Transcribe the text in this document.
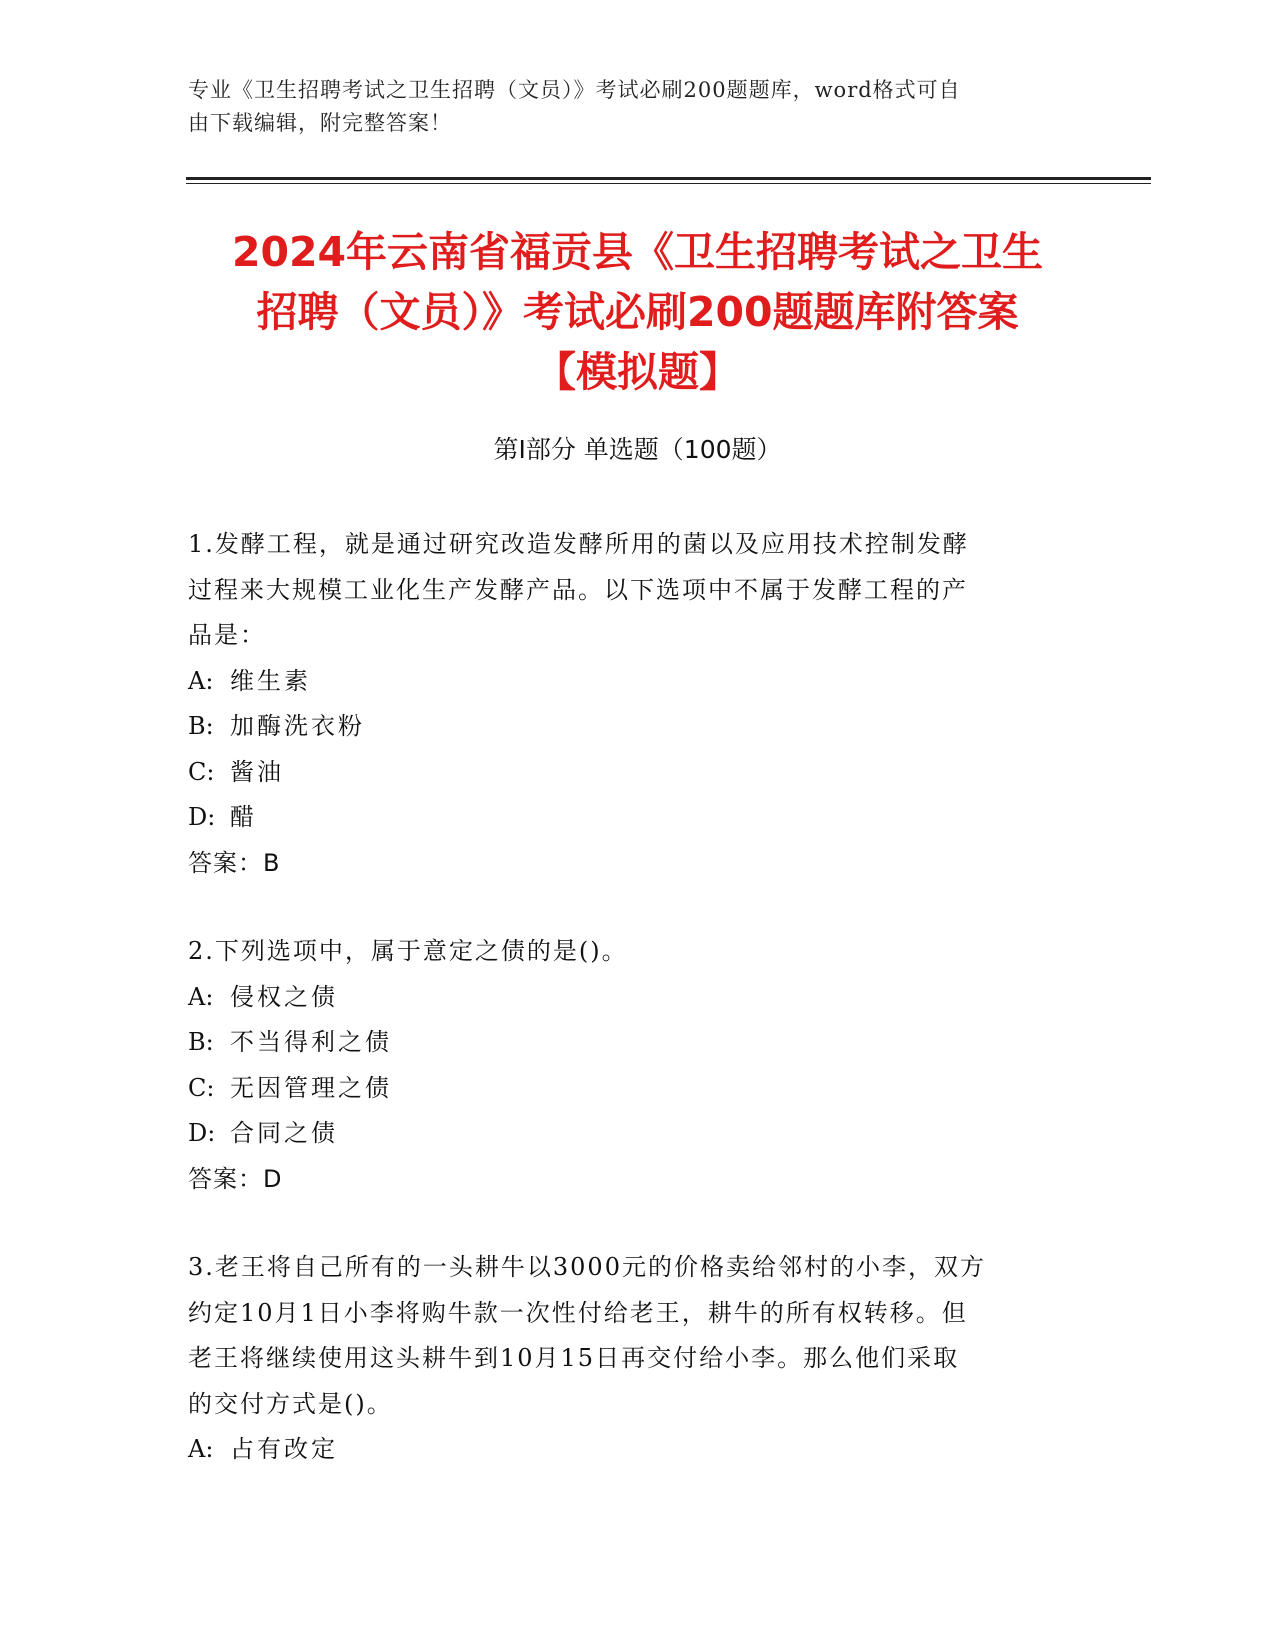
专业《卫生招聘考试之卫生招聘（文员）》考试必刷200题题库，word格式可自
由下载编辑，附完整答案！
2024年云南省福贡县《卫生招聘考试之卫生
招聘（文员）》考试必刷200题题库附答案
【模拟题】
第Ⅰ部分 单选题（100题）
1.发酵工程，就是通过研究改造发酵所用的菌以及应用技术控制发酵
过程来大规模工业化生产发酵产品。以下选项中不属于发酵工程的产
品是：
A: 维生素
B: 加酶洗衣粉
C: 酱油
D: 醋
答案：B
2.下列选项中，属于意定之债的是()。
A: 侵权之债
B: 不当得利之债
C: 无因管理之债
D: 合同之债
答案：D
3.老王将自己所有的一头耕牛以3000元的价格卖给邻村的小李，双方
约定10月1日小李将购牛款一次性付给老王，耕牛的所有权转移。但
老王将继续使用这头耕牛到10月15日再交付给小李。那么他们采取
的交付方式是()。
A: 占有改定
